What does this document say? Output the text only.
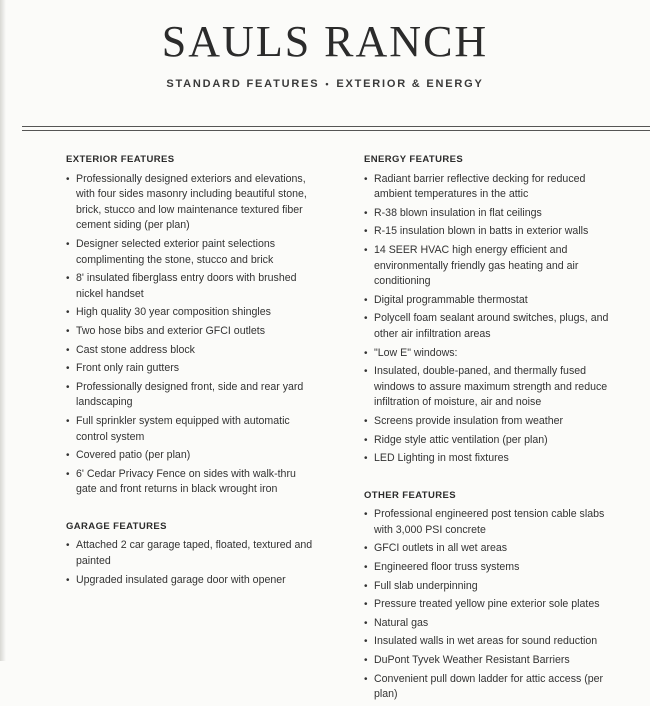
SAULS RANCH
STANDARD FEATURES • EXTERIOR & ENERGY
EXTERIOR FEATURES
• Professionally designed exteriors and elevations, with four sides masonry including beautiful stone, brick, stucco and low maintenance textured fiber cement siding (per plan)
• Designer selected exterior paint selections complimenting the stone, stucco and brick
• 8' insulated fiberglass entry doors with brushed nickel handset
• High quality 30 year composition shingles
• Two hose bibs and exterior GFCI outlets
• Cast stone address block
• Front only rain gutters
• Professionally designed front, side and rear yard landscaping
• Full sprinkler system equipped with automatic control system
• Covered patio (per plan)
• 6' Cedar Privacy Fence on sides with walk-thru gate and front returns in black wrought iron
GARAGE FEATURES
• Attached 2 car garage taped, floated, textured and painted
• Upgraded insulated garage door with opener
ENERGY FEATURES
• Radiant barrier reflective decking for reduced ambient temperatures in the attic
• R-38 blown insulation in flat ceilings
• R-15 insulation blown in batts in exterior walls
• 14 SEER HVAC high energy efficient and environmentally friendly gas heating and air conditioning
• Digital programmable thermostat
• Polycell foam sealant around switches, plugs, and other air infiltration areas
• "Low E" windows:
• Insulated, double-paned, and thermally fused windows to assure maximum strength and reduce infiltration of moisture, air and noise
• Screens provide insulation from weather
• Ridge style attic ventilation (per plan)
• LED Lighting in most fixtures
OTHER FEATURES
• Professional engineered post tension cable slabs with 3,000 PSI concrete
• GFCI outlets in all wet areas
• Engineered floor truss systems
• Full slab underpinning
• Pressure treated yellow pine exterior sole plates
• Natural gas
• Insulated walls in wet areas for sound reduction
• DuPont Tyvek Weather Resistant Barriers
• Convenient pull down ladder for attic access (per plan)
